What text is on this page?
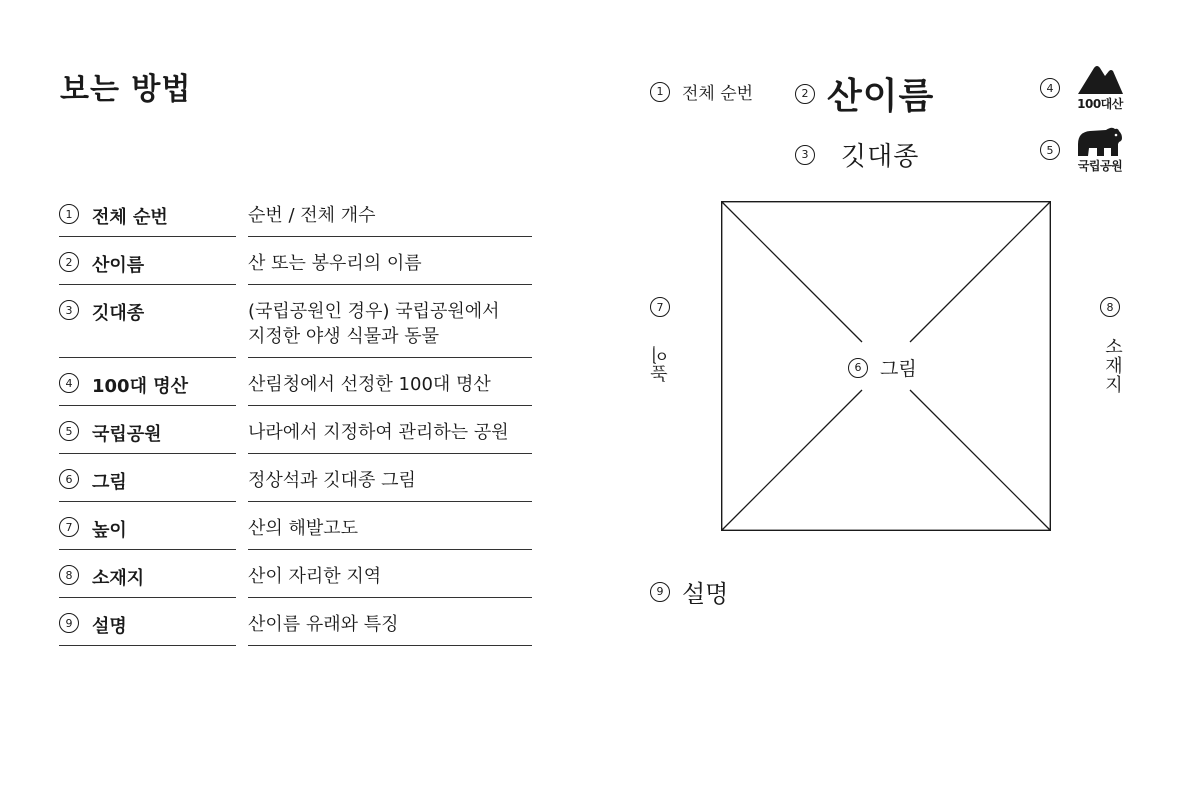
보는 방법
1	전체 순번	순번 / 전체 개수
2	산이름	산 또는 봉우리의 이름
3	깃대종	(국립공원인 경우) 국립공원에서
지정한 야생 식물과 동물
4	100대 명산	산림청에서 선정한 100대 명산
5	국립공원	나라에서 지정하여 관리하는 공원
6	그림	정상석과 깃대종 그림
7	높이	산의 해발고도
8	소재지	산이 자리한 지역
9	설명	산이름 유래와 특징
1	전체 순번	2 산이름
3 깃대종
4
100대산
5
국립공원
6 그림
7
높이
8
소재지
9 설명
